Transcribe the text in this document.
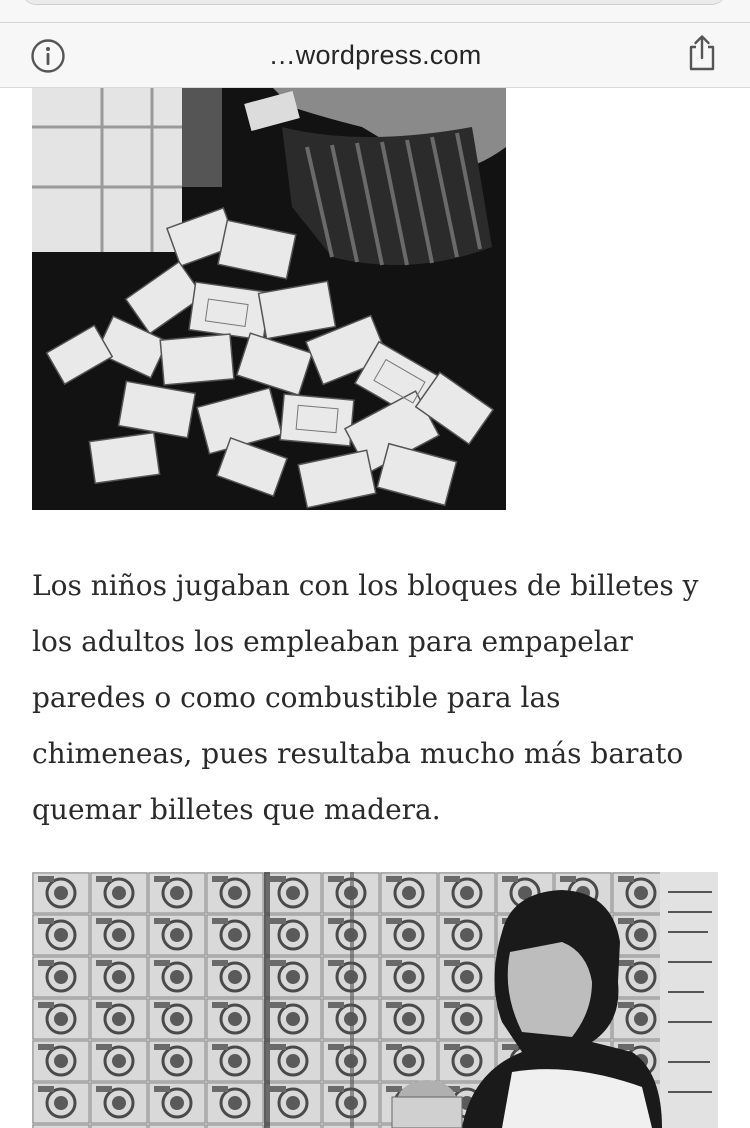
…wordpress.com

Los niños jugaban con los bloques de billetes y los adultos los empleaban para empapelar paredes o como combustible para las chimeneas, pues resultaba mucho más barato quemar billetes que madera.
